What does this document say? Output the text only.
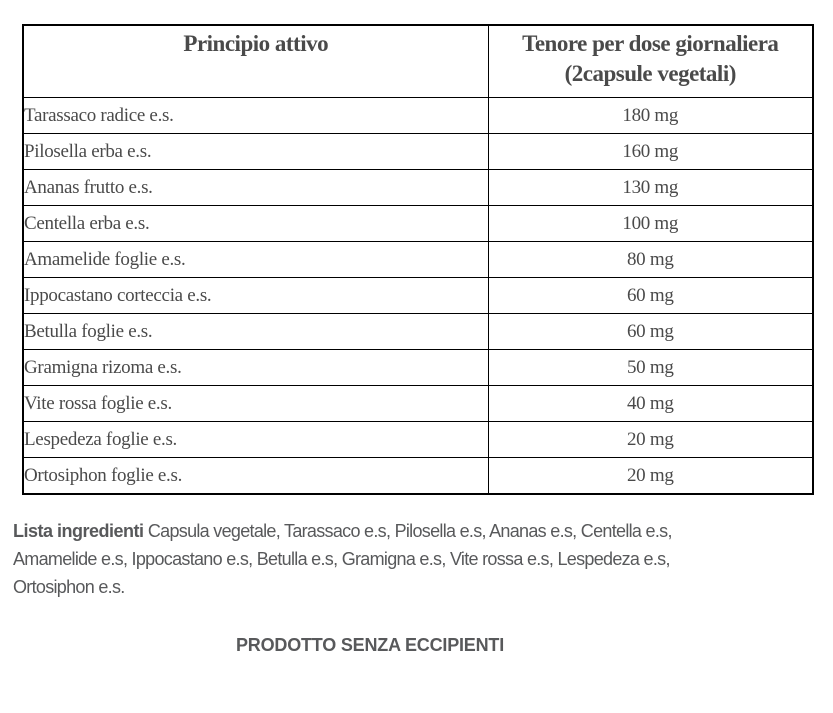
Principio attivo	Tenore per dose giornaliera (2capsule vegetali)
Tarassaco radice e.s.	180 mg
Pilosella erba e.s.	160 mg
Ananas frutto e.s.	130 mg
Centella erba e.s.	100 mg
Amamelide foglie e.s.	80 mg
Ippocastano corteccia e.s.	60 mg
Betulla foglie e.s.	60 mg
Gramigna rizoma e.s.	50 mg
Vite rossa foglie e.s.	40 mg
Lespedeza foglie e.s.	20 mg
Ortosiphon foglie e.s.	20 mg
Lista ingredienti Capsula vegetale, Tarassaco e.s, Pilosella e.s, Ananas e.s, Centella e.s,
Amamelide e.s, Ippocastano e.s, Betulla e.s, Gramigna e.s, Vite rossa e.s, Lespedeza e.s,
Ortosiphon e.s.
PRODOTTO SENZA ECCIPIENTI
